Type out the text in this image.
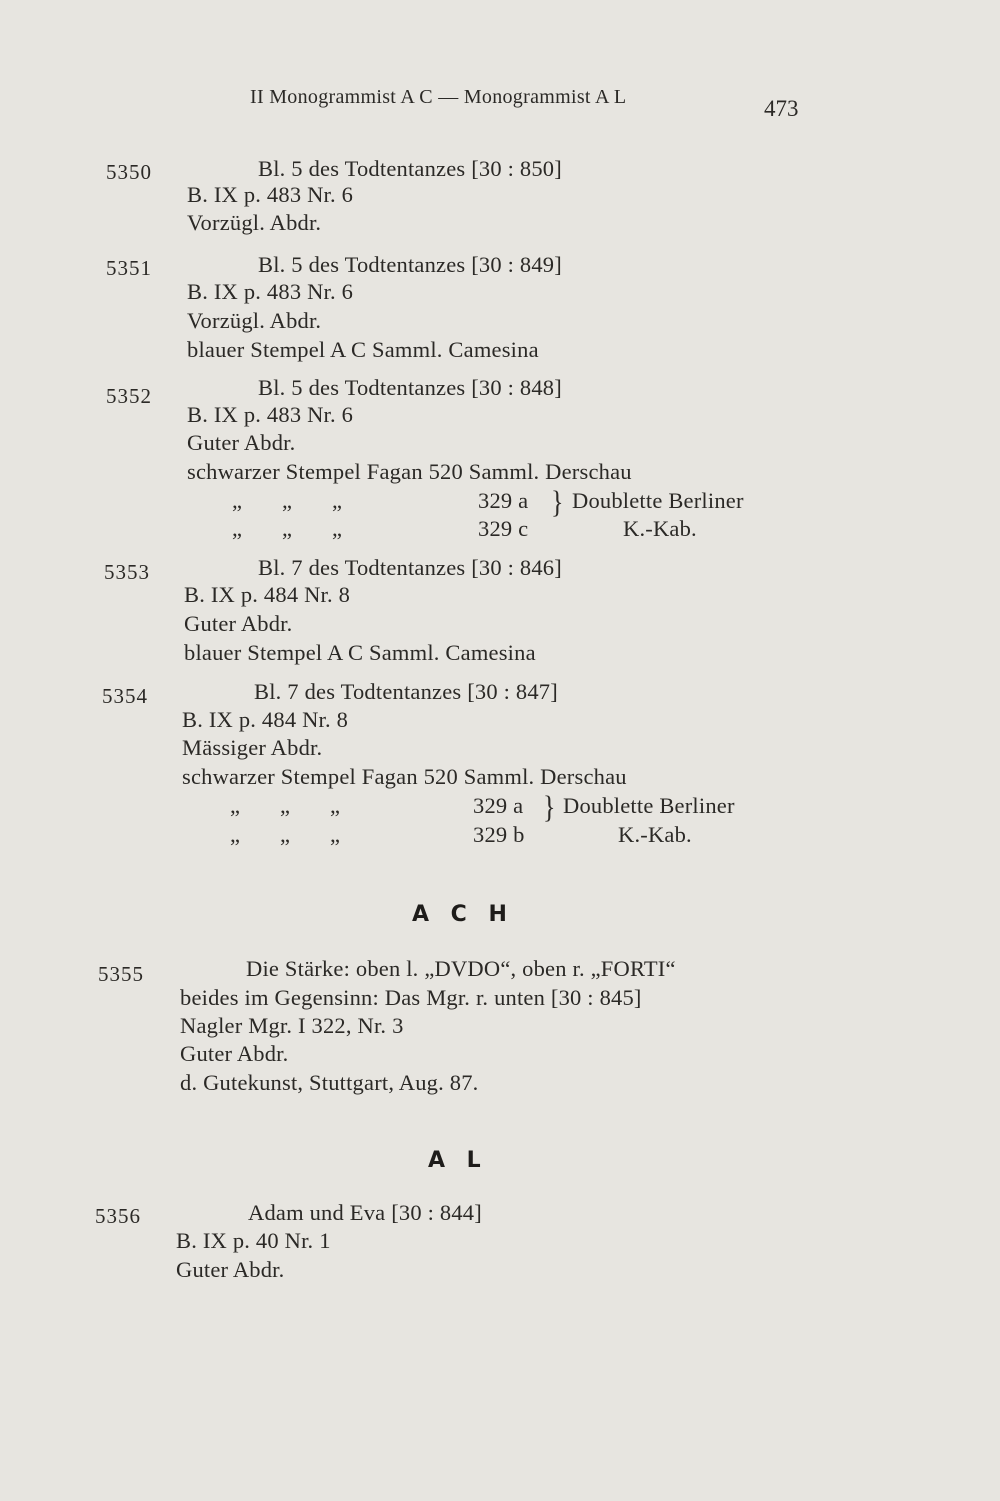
II Monogrammist A C — Monogrammist A L	473
5350	Bl. 5 des Todtentanzes [30 : 850]
B. IX p. 483 Nr. 6
Vorzügl. Abdr.
5351	Bl. 5 des Todtentanzes [30 : 849]
B. IX p. 483 Nr. 6
Vorzügl. Abdr.
blauer Stempel A C Samml. Camesina
5352	Bl. 5 des Todtentanzes [30 : 848]
B. IX p. 483 Nr. 6
Guter Abdr.
schwarzer Stempel Fagan 520 Samml. Derschau
„ „ „	329 a Doublette Berliner
„ „ „	329 c	K.-Kab.
}
5353	Bl. 7 des Todtentanzes [30 : 846]
B. IX p. 484 Nr. 8
Guter Abdr.
blauer Stempel A C Samml. Camesina
5354	Bl. 7 des Todtentanzes [30 : 847]
B. IX p. 484 Nr. 8
Mässiger Abdr.
schwarzer Stempel Fagan 520 Samml. Derschau
„ „ „	329 a Doublette Berliner
„ „ „	329 b	K.-Kab.
}
A C H
5355	Die Stärke: oben l. „DVDO“, oben r. „FORTI“
beides im Gegensinn: Das Mgr. r. unten [30 : 845]
Nagler Mgr. I 322, Nr. 3
Guter Abdr.
d. Gutekunst, Stuttgart, Aug. 87.
A L
5356	Adam und Eva [30 : 844]
B. IX p. 40 Nr. 1
Guter Abdr.
